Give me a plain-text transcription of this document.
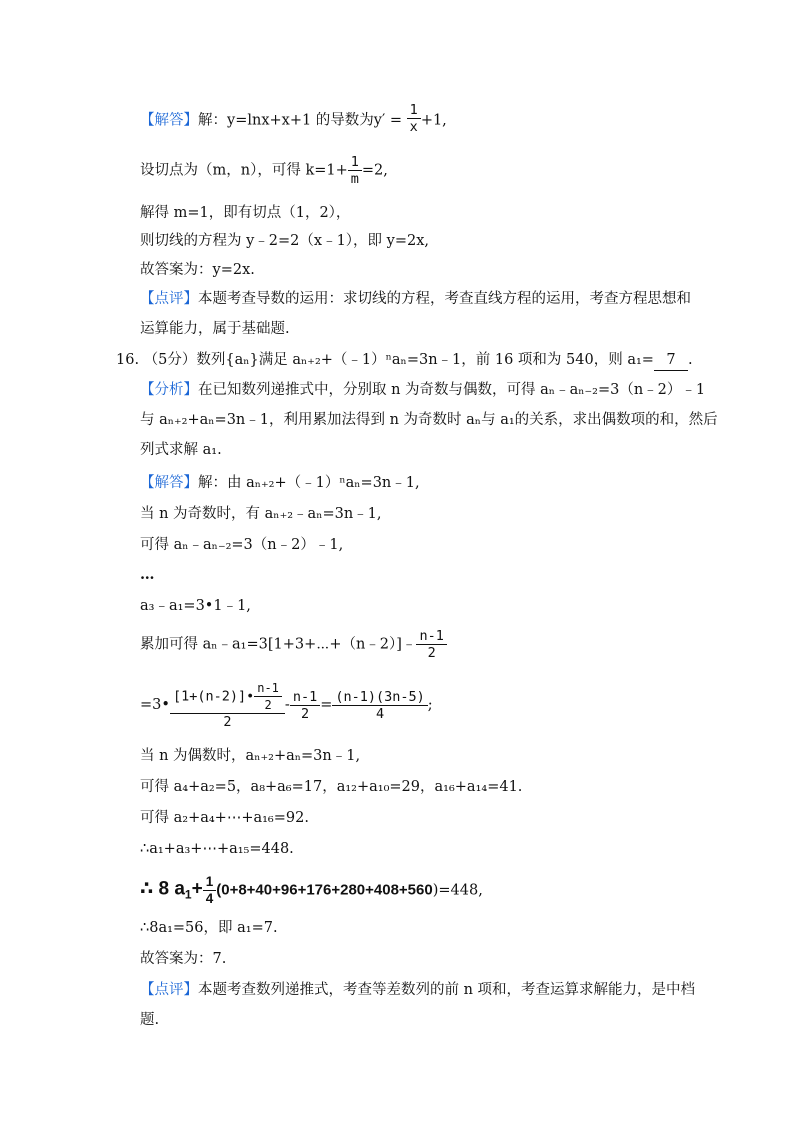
【解答】解：y=lnx+x+1 的导数为$y' = \frac{1}{x} +1$,
设切点为（m，n），可得 $k=1+ \frac{1}{m} =2$,
解得 m=1，即有切点（1，2），
则切线的方程为 y﹣2=2（x﹣1），即 y=2x,
故答案为：y=2x.
【点评】本题考查导数的运用：求切线的方程，考查直线方程的运用，考查方程思想和
运算能力，属于基础题.
16. （5分）数列{aₙ}满足 aₙ₊₂+（﹣1）ⁿaₙ=3n﹣1，前 16 项和为 540，则 a₁= 7 .
【分析】在已知数列递推式中，分别取 n 为奇数与偶数，可得 aₙ﹣aₙ₋₂=3（n﹣2）﹣1
与 aₙ₊₂+aₙ=3n﹣1，利用累加法得到 n 为奇数时 aₙ与 a₁的关系，求出偶数项的和，然后
列式求解 a₁.
【解答】解：由 aₙ₊₂+（﹣1）ⁿaₙ=3n﹣1,
当 n 为奇数时，有 aₙ₊₂﹣aₙ=3n﹣1,
可得 aₙ﹣aₙ₋₂=3（n﹣2）﹣1,
…
a₃﹣a₁=3•1﹣1,
累加可得 aₙ﹣a₁=3[1+3+⋯+（n﹣2）]﹣ $\frac{n-1}{2}$
=3• $\frac{[1+(n-2)]• \frac{n-1}{2}}{2} - \frac{n-1}{2} = \frac{(n-1)(3n-5)}{4}$ ;
当 n 为偶数时，aₙ₊₂+aₙ=3n﹣1,
可得 a₄+a₂=5，a₈+a₆=17，a₁₂+a₁₀=29，a₁₆+a₁₄=41.
可得 a₂+a₄+⋯+a₁₆=92.
∴a₁+a₃+⋯+a₁₅=448.
∴ 8 $a_1+ \frac{1}{4} (0+8+40+96+176+280+408+560)=448$,
∴8a₁=56，即 a₁=7.
故答案为：7.
【点评】本题考查数列递推式，考查等差数列的前 n 项和，考查运算求解能力，是中档
题.
